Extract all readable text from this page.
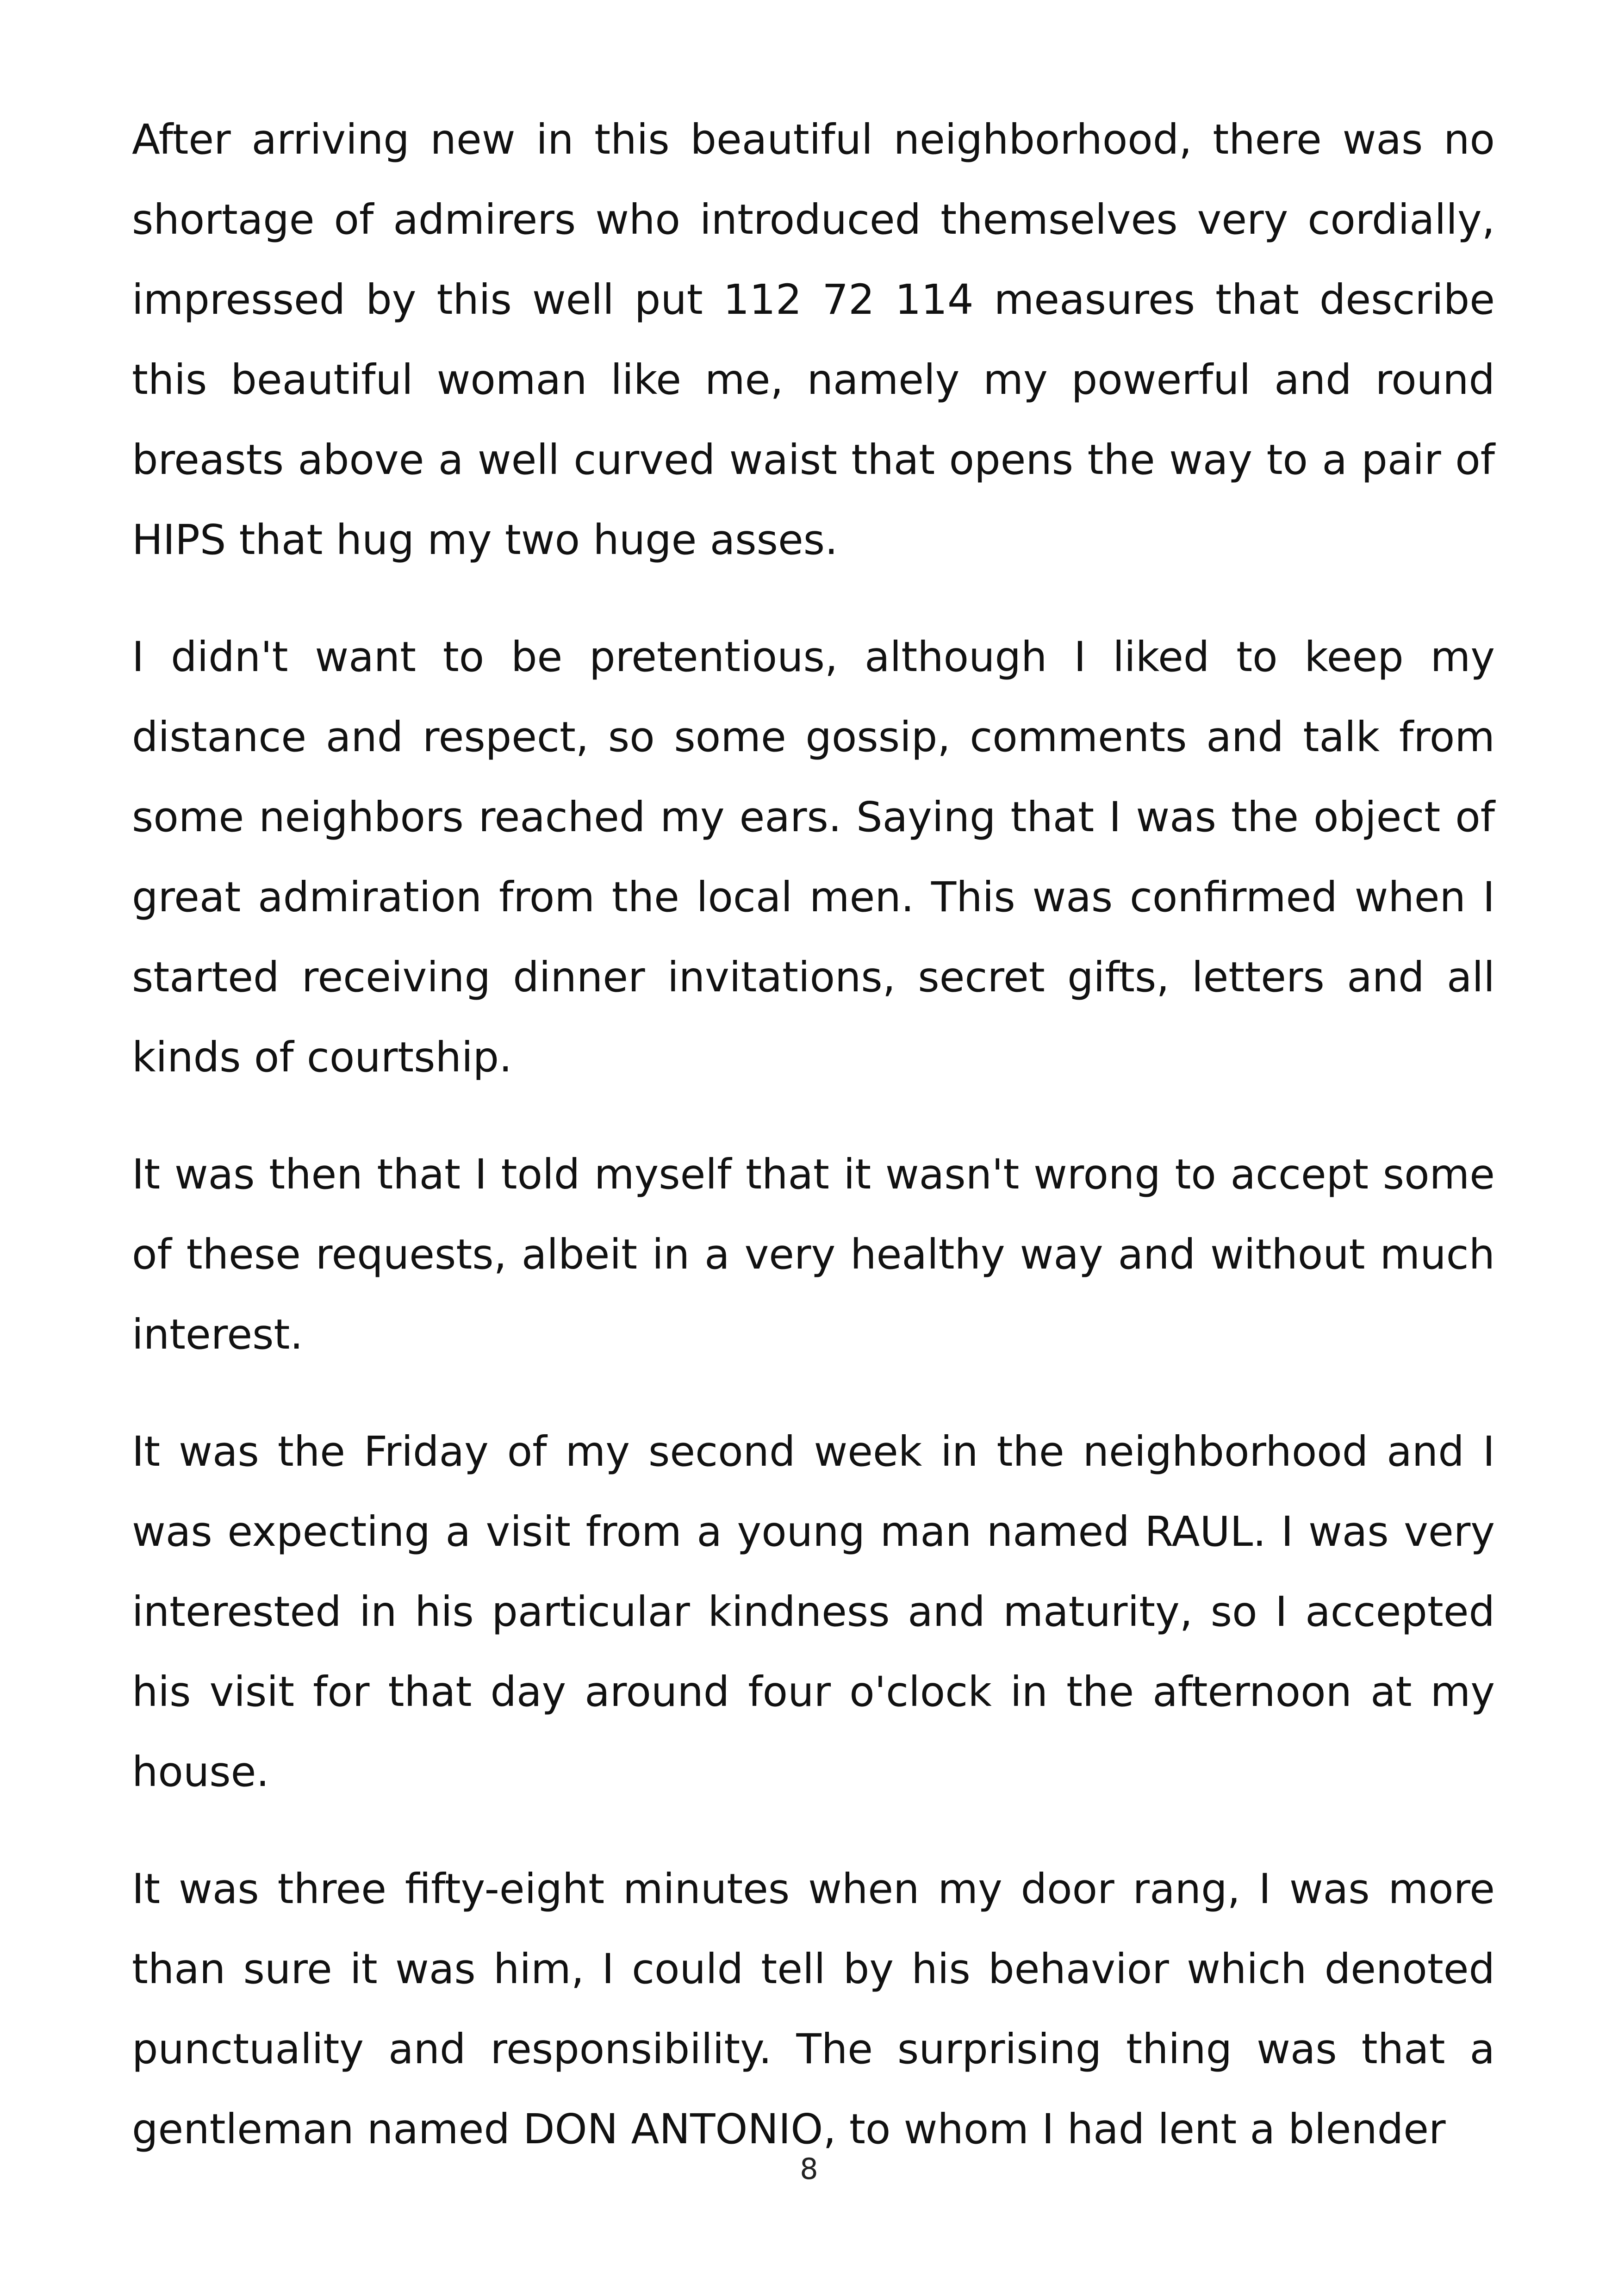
After arriving new in this beautiful neighborhood, there was no shortage of admirers who introduced themselves very cordially, impressed by this well put 112 72 114 measures that describe this beautiful woman like me, namely my powerful and round breasts above a well curved waist that opens the way to a pair of HIPS that hug my two huge asses.

I didn't want to be pretentious, although I liked to keep my distance and respect, so some gossip, comments and talk from some neighbors reached my ears. Saying that I was the object of great admiration from the local men. This was confirmed when I started receiving dinner invitations, secret gifts, letters and all kinds of courtship.

It was then that I told myself that it wasn't wrong to accept some of these requests, albeit in a very healthy way and without much interest.

It was the Friday of my second week in the neighborhood and I was expecting a visit from a young man named RAUL. I was very interested in his particular kindness and maturity, so I accepted his visit for that day around four o'clock in the afternoon at my house.

It was three fifty-eight minutes when my door rang, I was more than sure it was him, I could tell by his behavior which denoted punctuality and responsibility. The surprising thing was that a gentleman named DON ANTONIO, to whom I had lent a blender

8
